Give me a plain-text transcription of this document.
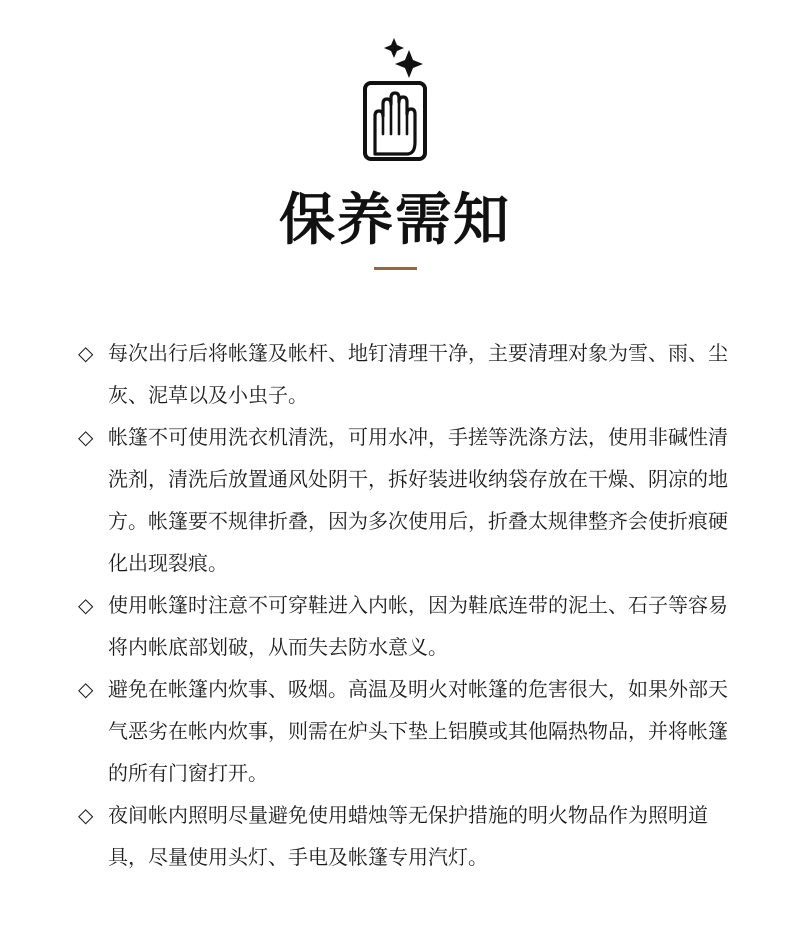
保养需知
◇ 每次出行后将帐篷及帐杆、地钉清理干净，主要清理对象为雪、雨、尘灰、泥草以及小虫子。
◇ 帐篷不可使用洗衣机清洗，可用水冲，手搓等洗涤方法，使用非碱性清洗剂，清洗后放置通风处阴干，拆好装进收纳袋存放在干燥、阴凉的地方。帐篷要不规律折叠，因为多次使用后，折叠太规律整齐会使折痕硬化出现裂痕。
◇ 使用帐篷时注意不可穿鞋进入内帐，因为鞋底连带的泥土、石子等容易将内帐底部划破，从而失去防水意义。
◇ 避免在帐篷内炊事、吸烟。高温及明火对帐篷的危害很大，如果外部天气恶劣在帐内炊事，则需在炉头下垫上铝膜或其他隔热物品，并将帐篷的所有门窗打开。
◇ 夜间帐内照明尽量避免使用蜡烛等无保护措施的明火物品作为照明道具，尽量使用头灯、手电及帐篷专用汽灯。
